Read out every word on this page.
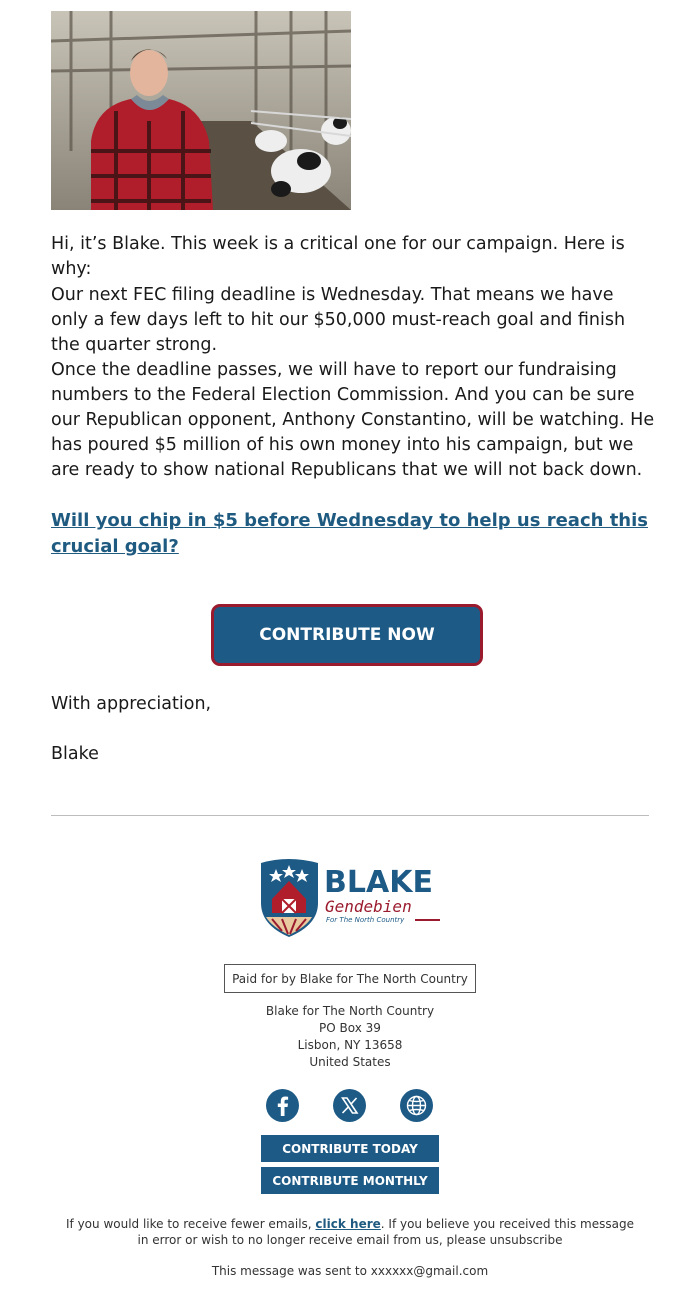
Hi, it’s Blake. This week is a critical one for our campaign. Here is why:

Our next FEC filing deadline is Wednesday. That means we have only a few days left to hit our $50,000 must-reach goal and finish the quarter strong.

Once the deadline passes, we will have to report our fundraising numbers to the Federal Election Commission. And you can be sure our Republican opponent, Anthony Constantino, will be watching. He has poured $5 million of his own money into his campaign, but we are ready to show national Republicans that we will not back down.

Will you chip in $5 before Wednesday to help us reach this crucial goal?
CONTRIBUTE NOW

With appreciation,

Blake

BLAKE
Gendebien
For The North Country
Paid for by Blake for The North Country
Blake for The North Country
PO Box 39
Lisbon, NY 13658
United States
CONTRIBUTE TODAY
CONTRIBUTE MONTHLY
If you would like to receive fewer emails, click here. If you believe you received this message in error or wish to no longer receive email from us, please unsubscribe
This message was sent to xxxxxx@gmail.com
